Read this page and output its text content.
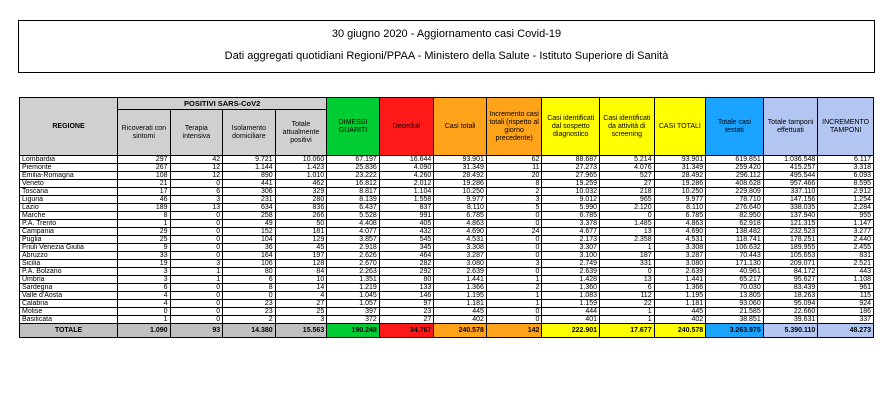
30 giugno 2020 - Aggiornamento casi Covid-19
Dati aggregati quotidiani Regioni/PPAA - Ministero della Salute - Istituto Superiore di Sanità
REGIONE	POSITIVI SARS-CoV2				DIMESSI GUARITI	Deceduti	Casi totali	Incremento casi totali (rispetto al giorno precedente)	Casi identificati dal sospetto diagnostico	Casi identificati da attività di screening	CASI TOTALI	Totale casi testati	Totale tamponi effettuati	INCREMENTO TAMPONI
	Ricoverati con sintomi	Terapia intensiva	Isolamento domiciliare	Totale attualmente positivi										
Lombardia	297	42	9.721	10.060	67.197	16.644	93.901	62	88.687	5.214	93.901	619.851	1.036.548	6.117
Piemonte	267	12	1.144	1.423	25.836	4.090	31.349	11	27.273	4.076	31.349	259.420	415.257	3.318
Emilia-Romagna	108	12	890	1.010	23.222	4.260	28.492	20	27.965	527	28.492	296.112	495.544	6.093
Veneto	21	0	441	462	16.812	2.012	19.286	8	19.259	27	19.286	408.628	957.466	8.595
Toscana	17	6	306	329	8.817	1.104	10.250	2	10.032	218	10.250	229.809	337.110	2.912
Liguria	46	3	231	280	8.139	1.558	9.977	3	9.012	965	9.977	78.710	147.156	1.254
Lazio	189	13	634	836	6.437	837	8.110	5	5.990	2.120	8.110	276.640	338.035	2.284
Marche	8	0	258	266	5.528	991	6.785	0	6.785	0	6.785	82.950	137.940	955
P.A. Trento	1	0	49	50	4.408	405	4.863	0	3.378	1.485	4.863	62.918	121.315	1.147
Campania	29	0	152	181	4.077	432	4.690	24	4.677	13	4.690	138.482	232.523	3.277
Puglia	25	0	104	129	3.857	545	4.531	0	2.173	2.358	4.531	118.741	178.251	2.440
Friuli Venezia Giulia	9	0	36	45	2.918	345	3.308	0	3.307	1	3.308	106.632	189.955	2.455
Abruzzo	33	0	164	197	2.626	464	3.287	0	3.100	187	3.287	70.443	105.653	831
Sicilia	19	3	106	128	2.670	282	3.080	3	2.749	331	3.080	171.130	209.071	2.521
P.A. Bolzano	3	1	80	84	2.263	292	2.639	0	2.639	0	2.639	40.961	84.172	443
Umbria	3	1	6	10	1.351	80	1.441	1	1.428	13	1.441	65.217	95.627	1.108
Sardegna	6	0	8	14	1.219	133	1.366	2	1.360	6	1.366	70.030	83.439	961
Valle d'Aosta	4	0	0	4	1.045	146	1.195	1	1.083	112	1.195	13.805	18.263	115
Calabria	4	0	23	27	1.057	97	1.181	1	1.159	22	1.181	93.060	95.094	924
Molise	0	0	23	25	397	23	445	0	444	1	445	21.585	22.660	186
Basilicata	1	0	2	3	372	27	402	0	401	1	402	38.851	39.631	337
TOTALE	1.090	93	14.380	15.563	190.248	34.767	240.578	142	222.901	17.677	240.578	3.263.975	5.390.110	48.273
